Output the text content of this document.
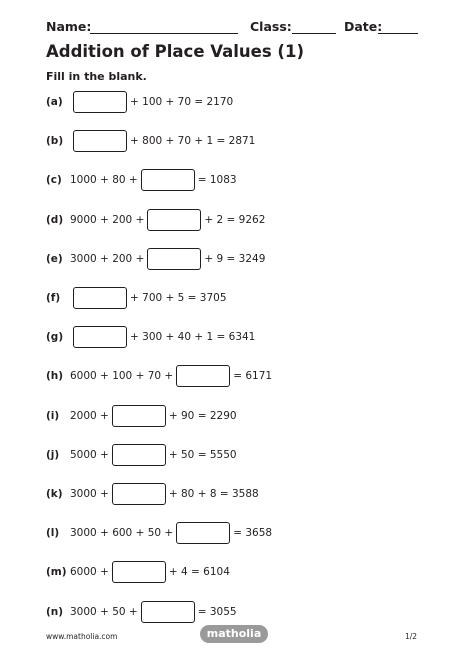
Name:	Class:	Date:
Addition of Place Values (1)
Fill in the blank.
(a)	+ 100 + 70 = 2170
(b)	+ 800 + 70 + 1 = 2871
(c) 1000 + 80 +	= 1083
(d) 9000 + 200 +	+ 2 = 9262
(e) 3000 + 200 +	+ 9 = 3249
(f)	+ 700 + 5 = 3705
(g)	+ 300 + 40 + 1 = 6341
(h) 6000 + 100 + 70 +	= 6171
(i)	2000 +	+ 90 = 2290
(j)	5000 +	+ 50 = 5550
(k) 3000 +	+ 80 + 8 = 3588
(l)	3000 + 600 + 50 +	= 3658
(m) 6000 +	+ 4 = 6104
(n) 3000 + 50 +	= 3055
www.matholia.com	matholia	1/2
